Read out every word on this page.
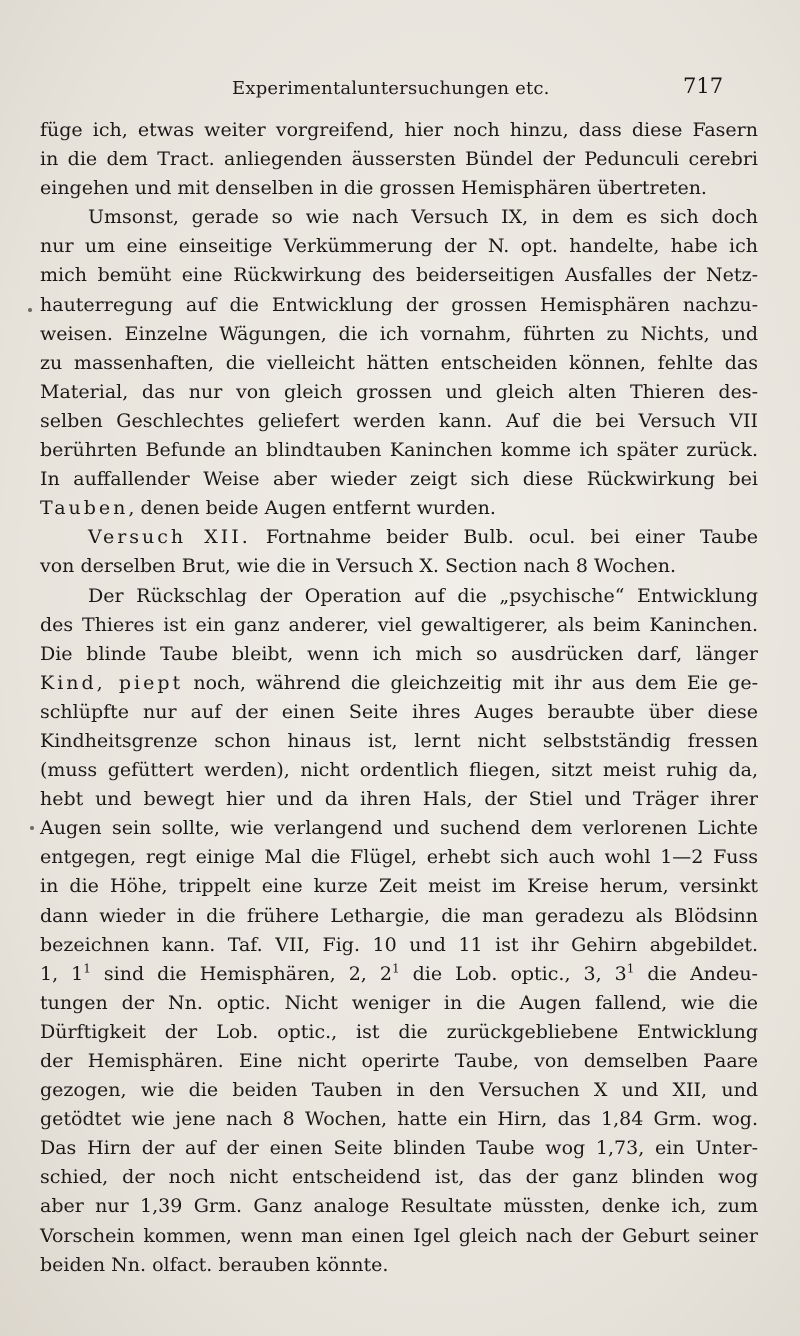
Experimentaluntersuchungen etc.	717
füge ich, etwas weiter vorgreifend, hier noch hinzu, dass diese Fasern
in die dem Tract. anliegenden äussersten Bündel der Pedunculi cerebri
eingehen und mit denselben in die grossen Hemisphären übertreten.
Umsonst, gerade so wie nach Versuch IX, in dem es sich doch
nur um eine einseitige Verkümmerung der N. opt. handelte, habe ich
mich bemüht eine Rückwirkung des beiderseitigen Ausfalles der Netz-
hauterregung auf die Entwicklung der grossen Hemisphären nachzu-
weisen. Einzelne Wägungen, die ich vornahm, führten zu Nichts, und
zu massenhaften, die vielleicht hätten entscheiden können, fehlte das
Material, das nur von gleich grossen und gleich alten Thieren des-
selben Geschlechtes geliefert werden kann. Auf die bei Versuch VII
berührten Befunde an blindtauben Kaninchen komme ich später zurück.
In auffallender Weise aber wieder zeigt sich diese Rückwirkung bei
Tauben, denen beide Augen entfernt wurden.
Versuch XII. Fortnahme beider Bulb. ocul. bei einer Taube
von derselben Brut, wie die in Versuch X. Section nach 8 Wochen.
Der Rückschlag der Operation auf die „psychische“ Entwicklung
des Thieres ist ein ganz anderer, viel gewaltigerer, als beim Kaninchen.
Die blinde Taube bleibt, wenn ich mich so ausdrücken darf, länger
Kind, piept noch, während die gleichzeitig mit ihr aus dem Eie ge-
schlüpfte nur auf der einen Seite ihres Auges beraubte über diese
Kindheitsgrenze schon hinaus ist, lernt nicht selbstständig fressen
(muss gefüttert werden), nicht ordentlich fliegen, sitzt meist ruhig da,
hebt und bewegt hier und da ihren Hals, der Stiel und Träger ihrer
Augen sein sollte, wie verlangend und suchend dem verlorenen Lichte
entgegen, regt einige Mal die Flügel, erhebt sich auch wohl 1—2 Fuss
in die Höhe, trippelt eine kurze Zeit meist im Kreise herum, versinkt
dann wieder in die frühere Lethargie, die man geradezu als Blödsinn
bezeichnen kann. Taf. VII, Fig. 10 und 11 ist ihr Gehirn abgebildet.
1, $1^1$ sind die Hemisphären, 2, $2^1$ die Lob. optic., 3, $3^1$ die Andeu-
tungen der Nn. optic. Nicht weniger in die Augen fallend, wie die
Dürftigkeit der Lob. optic., ist die zurückgebliebene Entwicklung
der Hemisphären. Eine nicht operirte Taube, von demselben Paare
gezogen, wie die beiden Tauben in den Versuchen X und XII, und
getödtet wie jene nach 8 Wochen, hatte ein Hirn, das 1,84 Grm. wog.
Das Hirn der auf der einen Seite blinden Taube wog 1,73, ein Unter-
schied, der noch nicht entscheidend ist, das der ganz blinden wog
aber nur 1,39 Grm. Ganz analoge Resultate müssten, denke ich, zum
Vorschein kommen, wenn man einen Igel gleich nach der Geburt seiner
beiden Nn. olfact. berauben könnte.
